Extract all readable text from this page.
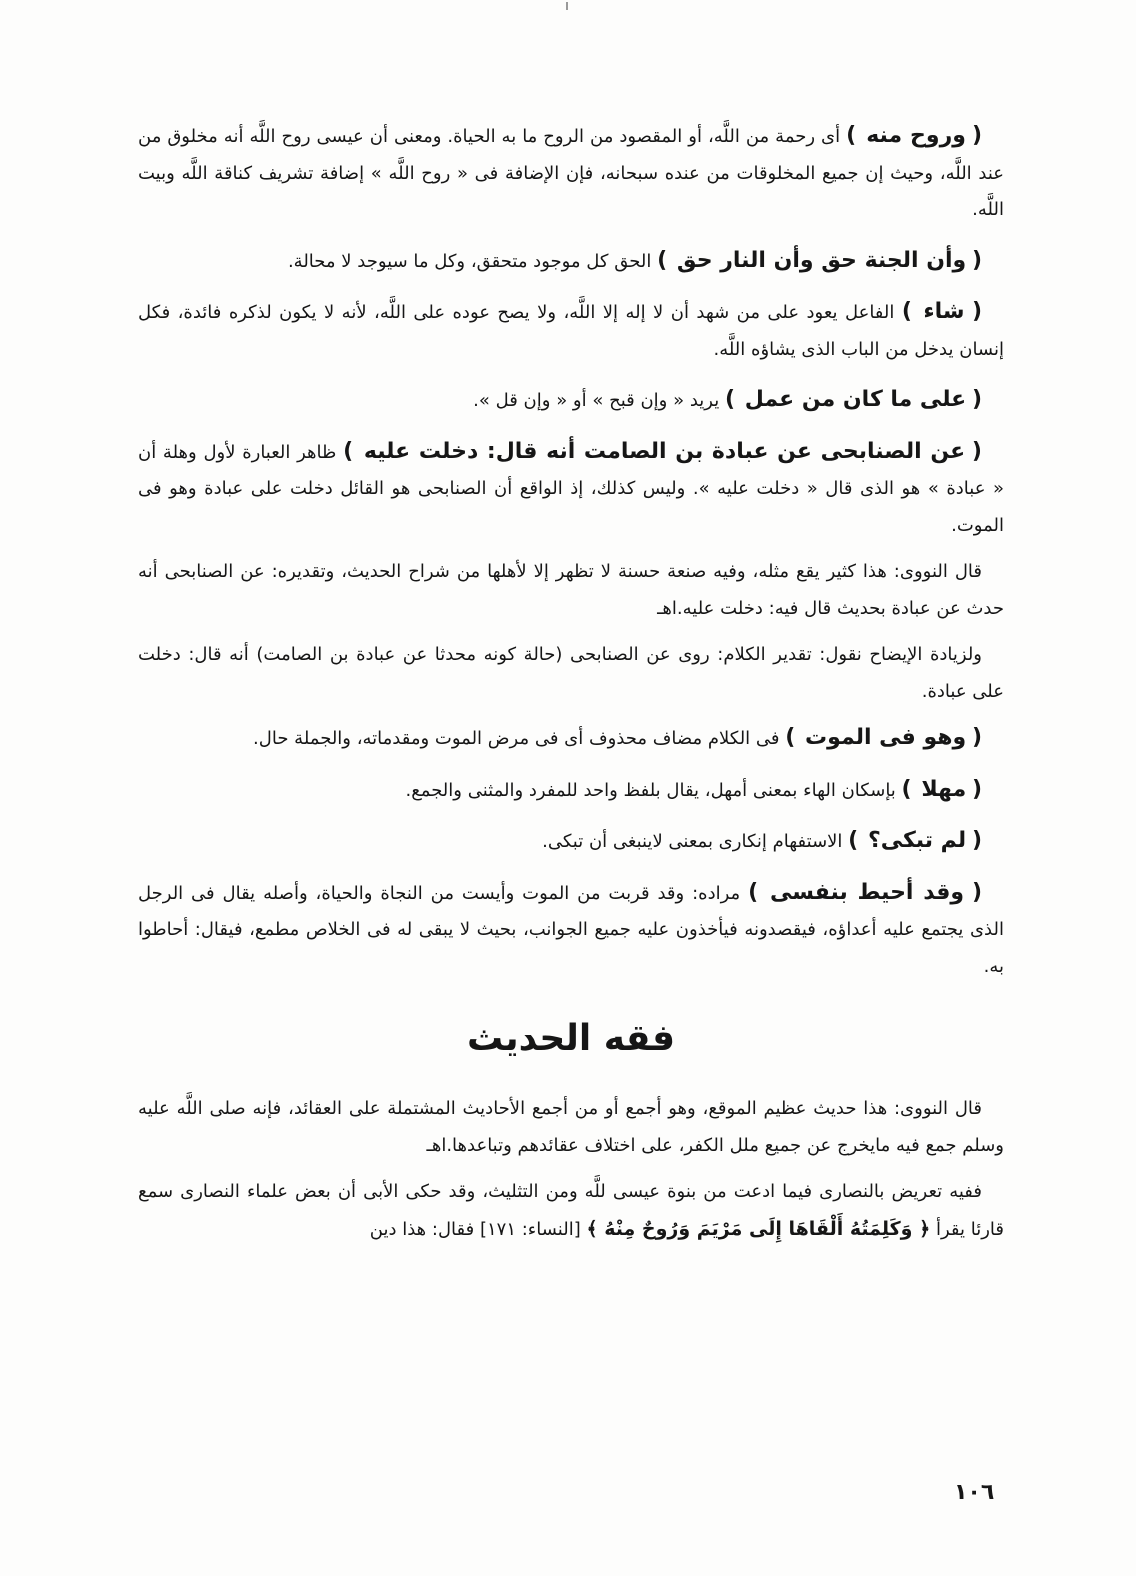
( وروح منه ) أى رحمة من اللَّه، أو المقصود من الروح ما به الحياة. ومعنى أن عيسى روح اللَّه أنه مخلوق من عند اللَّه، وحيث إن جميع المخلوقات من عنده سبحانه، فإن الإضافة فى « روح اللَّه » إضافة تشريف كناقة اللَّه وبيت اللَّه.

( وأن الجنة حق وأن النار حق ) الحق كل موجود متحقق، وكل ما سيوجد لا محالة.

( شاء ) الفاعل يعود على من شهد أن لا إله إلا اللَّه، ولا يصح عوده على اللَّه، لأنه لا يكون لذكره فائدة، فكل إنسان يدخل من الباب الذى يشاؤه اللَّه.

( على ما كان من عمل ) يريد « وإن قبح » أو « وإن قل ».

( عن الصنابحى عن عبادة بن الصامت أنه قال: دخلت عليه ) ظاهر العبارة لأول وهلة أن « عبادة » هو الذى قال « دخلت عليه ». وليس كذلك، إذ الواقع أن الصنابحى هو القائل دخلت على عبادة وهو فى الموت.

قال النووى: هذا كثير يقع مثله، وفيه صنعة حسنة لا تظهر إلا لأهلها من شراح الحديث، وتقديره: عن الصنابحى أنه حدث عن عبادة بحديث قال فيه: دخلت عليه.اهـ

ولزيادة الإيضاح نقول: تقدير الكلام: روى عن الصنابحى (حالة كونه محدثا عن عبادة بن الصامت) أنه قال: دخلت على عبادة.

( وهو فى الموت ) فى الكلام مضاف محذوف أى فى مرض الموت ومقدماته، والجملة حال.

( مهلا ) بإسكان الهاء بمعنى أمهل، يقال بلفظ واحد للمفرد والمثنى والجمع.

( لم تبكى؟ ) الاستفهام إنكارى بمعنى لاينبغى أن تبكى.

( وقد أحيط بنفسى ) مراده: وقد قربت من الموت وأيست من النجاة والحياة، وأصله يقال فى الرجل الذى يجتمع عليه أعداؤه، فيقصدونه فيأخذون عليه جميع الجوانب، بحيث لا يبقى له فى الخلاص مطمع، فيقال: أحاطوا به.

فقه الحديث

قال النووى: هذا حديث عظيم الموقع، وهو أجمع أو من أجمع الأحاديث المشتملة على العقائد، فإنه صلى اللَّه عليه وسلم جمع فيه مايخرج عن جميع ملل الكفر، على اختلاف عقائدهم وتباعدها.اهـ

ففيه تعريض بالنصارى فيما ادعت من بنوة عيسى للَّه ومن التثليث، وقد حكى الأبى أن بعض علماء النصارى سمع قارئا يقرأ ﴿ وَكَلِمَتُهُ أَلْقَاهَا إِلَى مَرْيَمَ وَرُوحٌ مِنْهُ ﴾ [النساء: ١٧١] فقال: هذا دين

١٠٦
